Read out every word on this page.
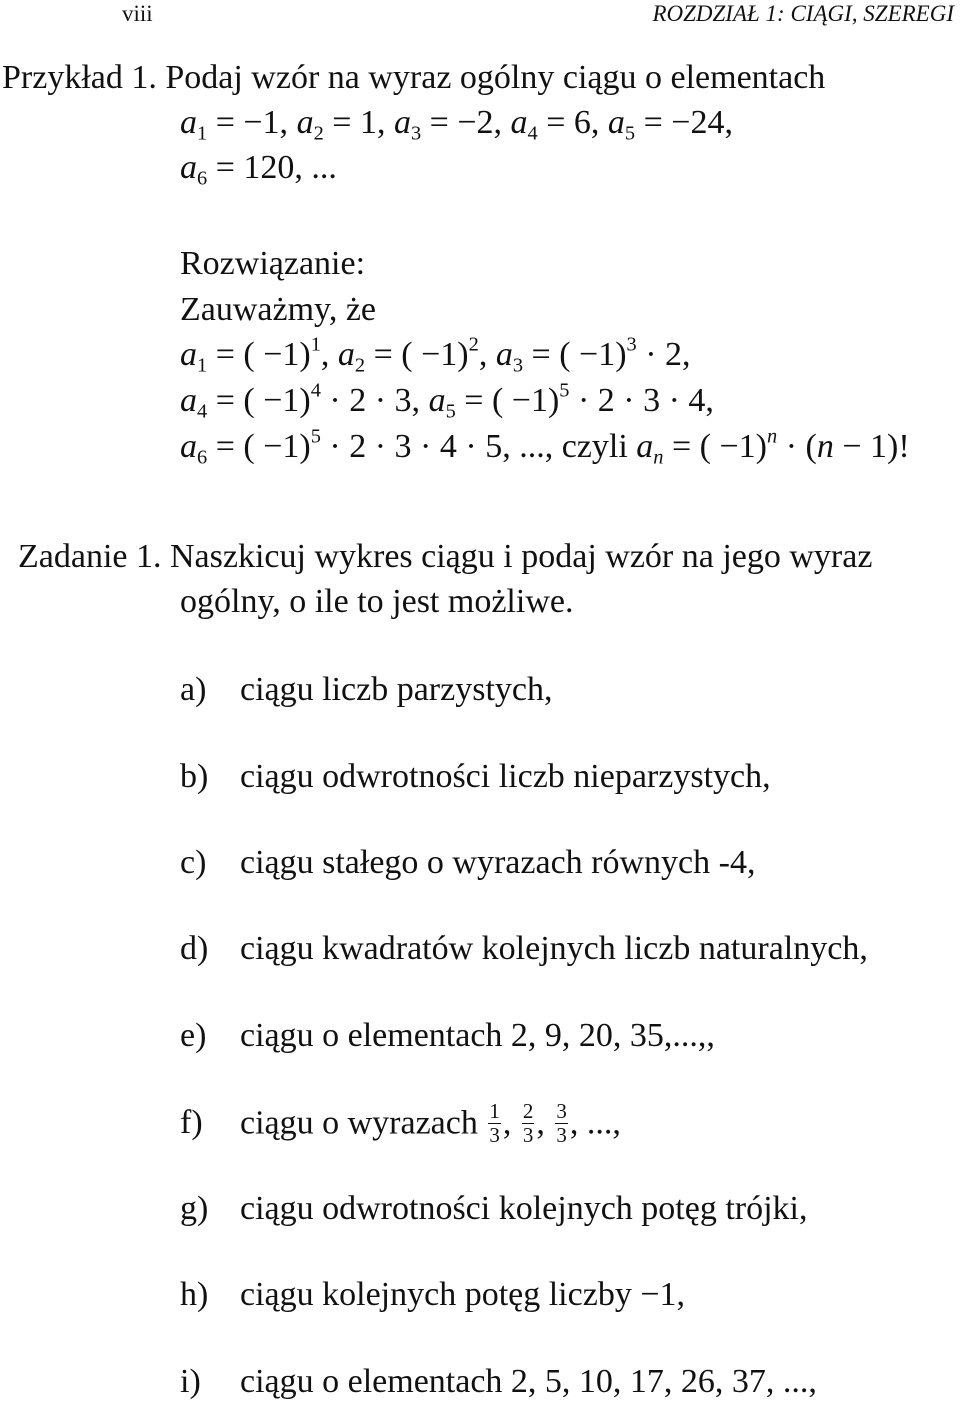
viii	ROZDZIAŁ 1: CIĄGI, SZEREGI
Przykład 1. Podaj wzór na wyraz ogólny ciągu o elementach
$a_1 = -1$, $a_2 = 1$, $a_3 = -2$, $a_4 = 6$, $a_5 = -24$,
$a_6 = 120$, ...
Rozwiązanie:
Zauważmy, że
$a_1$ = ( −1)$^1$, $a_2$ = ( −1)$^2$, $a_3$ = ( −1)$^3$ · 2,
$a_4$ = ( −1)$^4$ · 2 · 3, $a_5$ = ( −1)$^5$ · 2 · 3 · 4,
$a_6$ = ( −1)$^5$ · 2 · 3 · 4 · 5, ..., czyli $a_n$ = ( −1)$^n$ · (n − 1)!
Zadanie 1. Naszkicuj wykres ciągu i podaj wzór na jego wyraz
ogólny, o ile to jest możliwe.
a) ciągu liczb parzystych,
b) ciągu odwrotności liczb nieparzystych,
c) ciągu stałego o wyrazach równych -4,
d) ciągu kwadratów kolejnych liczb naturalnych,
e) ciągu o elementach 2, 9, 20, 35,...,,
f) ciągu o wyrazach $\frac{1}{3}$ , $\frac{2}{3}$ , $\frac{3}{3}$ , ...,
g) ciągu odwrotności kolejnych potęg trójki,
h) ciągu kolejnych potęg liczby −1,
i) ciągu o elementach 2, 5, 10, 17, 26, 37, ...,
